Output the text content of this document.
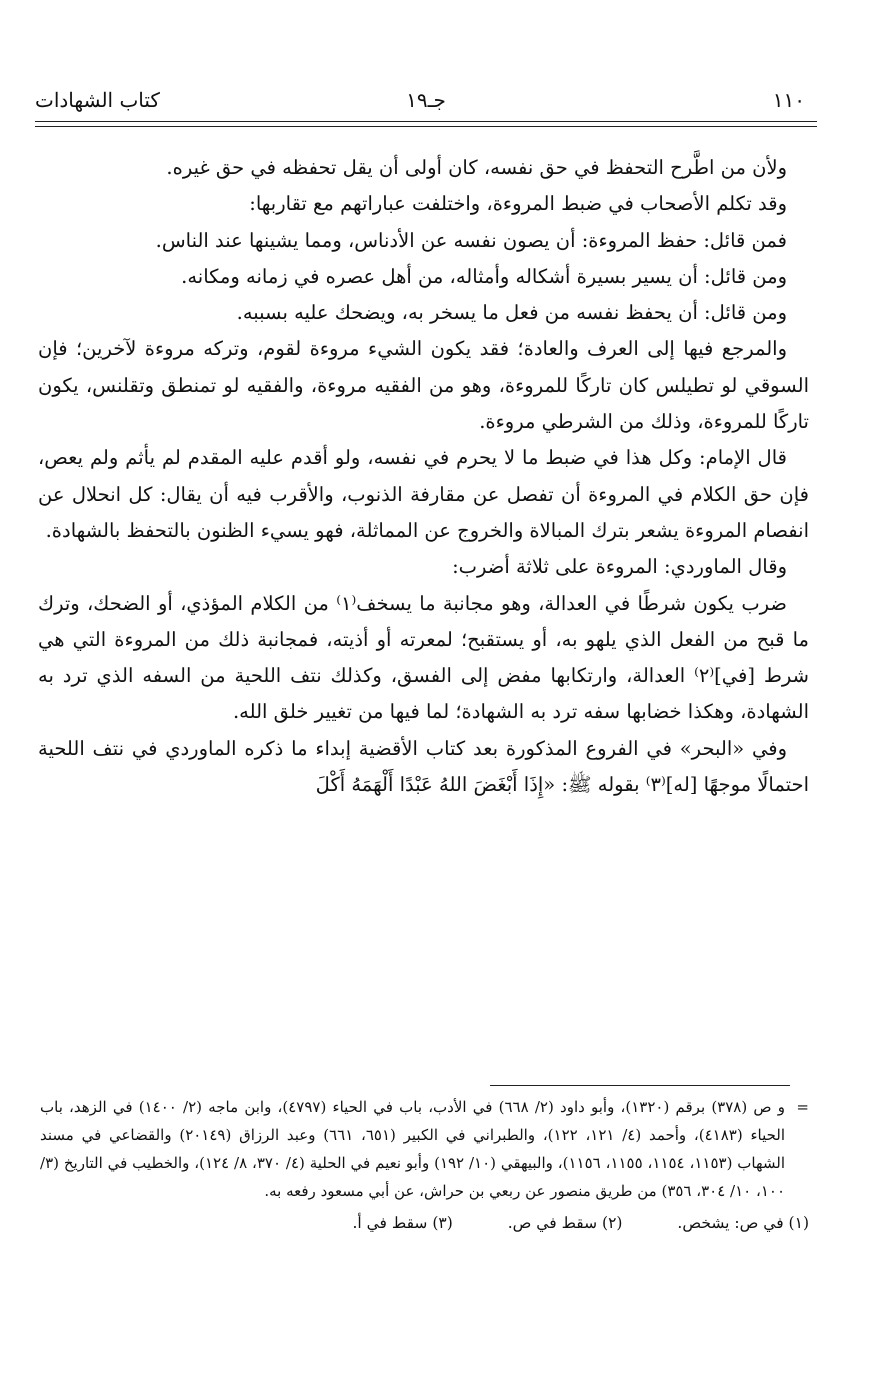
١١٠
جـ١٩
كتاب الشهادات

ولأن من اطَّرح التحفظ في حق نفسه، كان أولى أن يقل تحفظه في حق غيره.

وقد تكلم الأصحاب في ضبط المروءة، واختلفت عباراتهم مع تقاربها:

فمن قائل: حفظ المروءة: أن يصون نفسه عن الأدناس، ومما يشينها عند الناس.

ومن قائل: أن يسير بسيرة أشكاله وأمثاله، من أهل عصره في زمانه ومكانه.

ومن قائل: أن يحفظ نفسه من فعل ما يسخر به، ويضحك عليه بسببه.

والمرجع فيها إلى العرف والعادة؛ فقد يكون الشيء مروءة لقوم، وتركه مروءة لآخرين؛ فإن السوقي لو تطيلس كان تاركًا للمروءة، وهو من الفقيه مروءة، والفقيه لو تمنطق وتقلنس، يكون تاركًا للمروءة، وذلك من الشرطي مروءة.

قال الإمام: وكل هذا في ضبط ما لا يحرم في نفسه، ولو أقدم عليه المقدم لم يأثم ولم يعص، فإن حق الكلام في المروءة أن تفصل عن مقارفة الذنوب، والأقرب فيه أن يقال: كل انحلال عن انفصام المروءة يشعر بترك المبالاة والخروج عن المماثلة، فهو يسيء الظنون بالتحفظ بالشهادة.

وقال الماوردي: المروءة على ثلاثة أضرب:

ضرب يكون شرطًا في العدالة، وهو مجانبة ما يسخف⁽١⁾ من الكلام المؤذي، أو الضحك، وترك ما قبح من الفعل الذي يلهو به، أو يستقبح؛ لمعرته أو أذيته، فمجانبة ذلك من المروءة التي هي شرط [في]⁽٢⁾ العدالة، وارتكابها مفض إلى الفسق، وكذلك نتف اللحية من السفه الذي ترد به الشهادة، وهكذا خضابها سفه ترد به الشهادة؛ لما فيها من تغيير خلق الله.

وفي «البحر» في الفروع المذكورة بعد كتاب الأقضية إبداء ما ذكره الماوردي في نتف اللحية احتمالًا موجهًا [له]⁽٣⁾ بقوله ﷺ: «إِذَا أَبْغَضَ اللهُ عَبْدًا أَلْهَمَهُ أَكْلَ

=
و ص (٣٧٨) برقم (١٣٢٠)، وأبو داود (٢/ ٦٦٨) في الأدب، باب في الحياء (٤٧٩٧)، وابن ماجه (٢/ ١٤٠٠) في الزهد، باب الحياء (٤١٨٣)، وأحمد (٤/ ١٢١، ١٢٢)، والطبراني في الكبير (٦٥١، ٦٦١) وعبد الرزاق (٢٠١٤٩) والقضاعي في مسند الشهاب (١١٥٣، ١١٥٤، ١١٥٥، ١١٥٦)، والبيهقي (١٠/ ١٩٢) وأبو نعيم في الحلية (٤/ ٣٧٠، ٨/ ١٢٤)، والخطيب في التاريخ (٣/ ١٠٠، ١٠/ ٣٠٤، ٣٥٦) من طريق منصور عن ربعي بن حراش، عن أبي مسعود رفعه به.
(١) في ص: يشخص. (٢) سقط في ص. (٣) سقط في أ.
